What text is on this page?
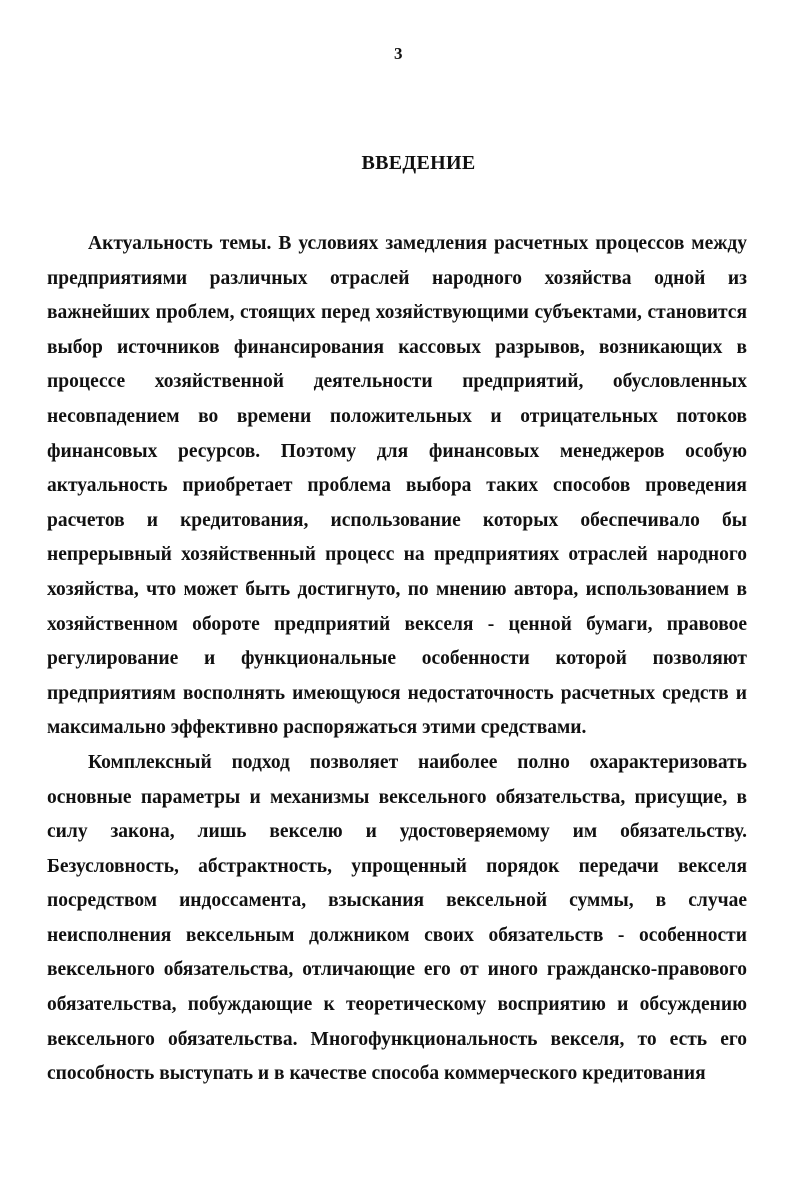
3
ВВЕДЕНИЕ

Актуальность темы. В условиях замедления расчетных процессов между предприятиями различных отраслей народного хозяйства одной из важнейших проблем, стоящих перед хозяйствующими субъектами, становится выбор источников финансирования кассовых разрывов, возникающих в процессе хозяйственной деятельности предприятий, обусловленных несовпадением во времени положительных и отрицательных потоков финансовых ресурсов. Поэтому для финансовых менеджеров особую актуальность приобретает проблема выбора таких способов проведения расчетов и кредитования, использование которых обеспечивало бы непрерывный хозяйственный процесс на предприятиях отраслей народного хозяйства, что может быть достигнуто, по мнению автора, использованием в хозяйственном обороте предприятий векселя - ценной бумаги, правовое регулирование и функциональные особенности которой позволяют предприятиям восполнять имеющуюся недостаточность расчетных средств и максимально эффективно распоряжаться этими средствами.

Комплексный подход позволяет наиболее полно охарактеризовать основные параметры и механизмы вексельного обязательства, присущие, в силу закона, лишь векселю и удостоверяемому им обязательству. Безусловность, абстрактность, упрощенный порядок передачи векселя посредством индоссамента, взыскания вексельной суммы, в случае неисполнения вексельным должником своих обязательств - особенности вексельного обязательства, отличающие его от иного гражданско-правового обязательства, побуждающие к теоретическому восприятию и обсуждению вексельного обязательства. Многофункциональность векселя, то есть его способность выступать и в качестве способа коммерческого кредитования
